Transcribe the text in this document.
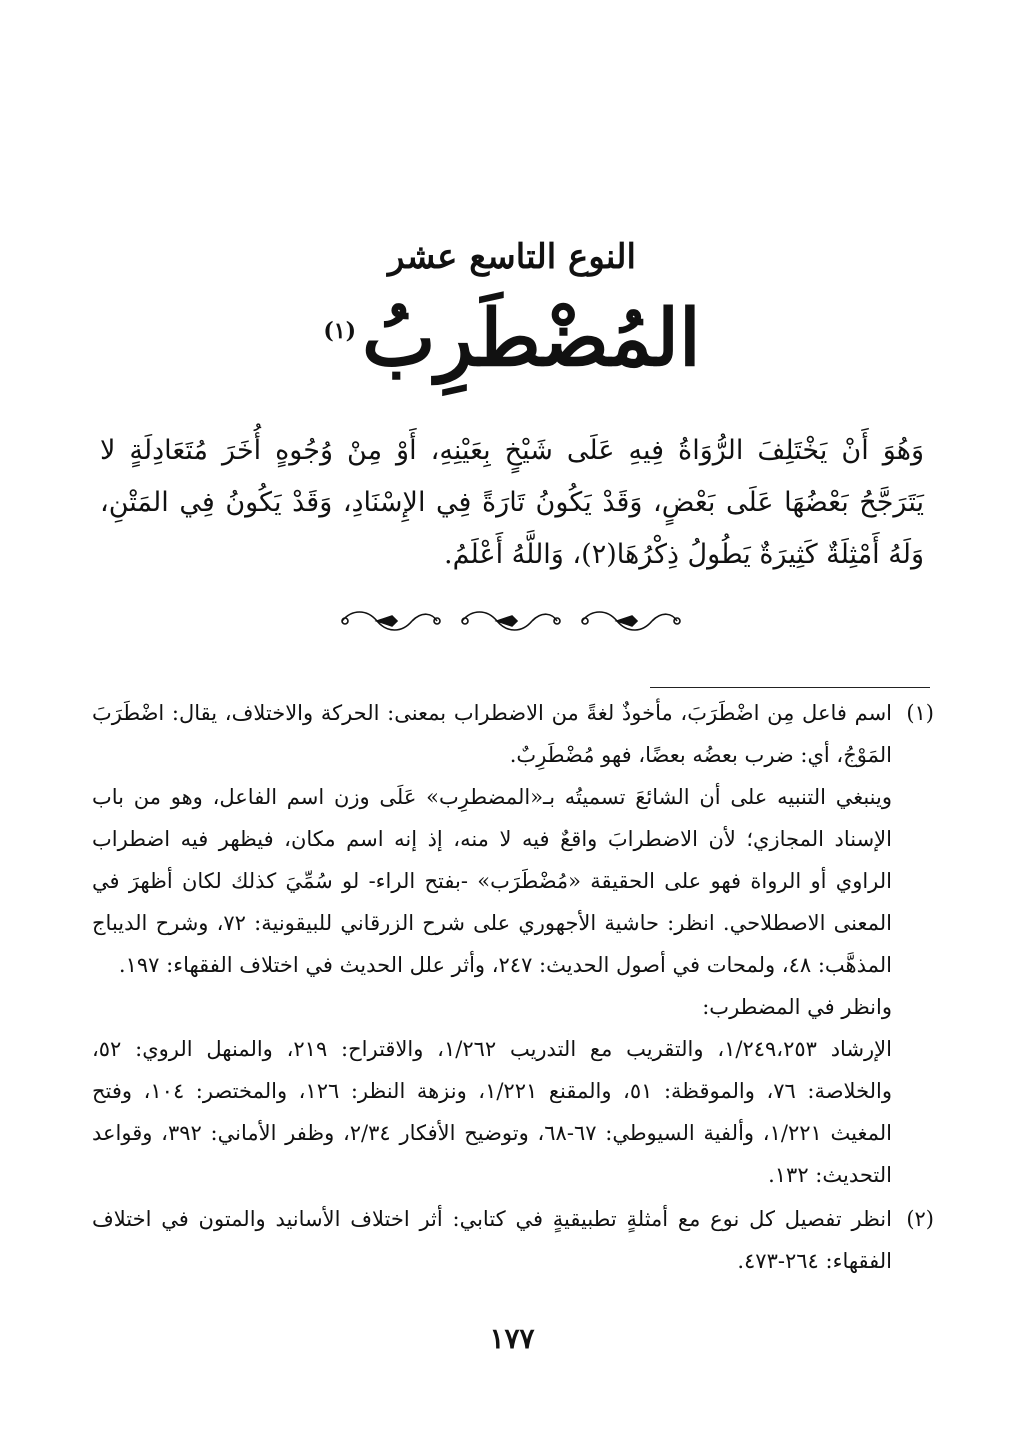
النوع التاسع عشر
المُضْطَرِبُ$^{(١)}$

وَهُوَ أَنْ يَخْتَلِفَ الرُّوَاةُ فِيهِ عَلَى شَيْخٍ بِعَيْنِهِ، أَوْ مِنْ وُجُوهٍ أُخَرَ مُتَعَادِلَةٍ لا يَتَرَجَّحُ بَعْضُهَا عَلَى بَعْضٍ، وَقَدْ يَكُونُ تَارَةً فِي الإِسْنَادِ، وَقَدْ يَكُونُ فِي المَتْنِ، وَلَهُ أَمْثِلَةٌ كَثِيرَةٌ يَطُولُ ذِكْرُهَا(٢)، وَاللَّهُ أَعْلَمُ.

(١)

اسم فاعل مِن اضْطَرَبَ، مأخوذٌ لغةً من الاضطراب بمعنى: الحركة والاختلاف، يقال: اضْطَرَبَ المَوْجُ، أي: ضرب بعضُه بعضًا، فهو مُضْطَرِبٌ.

وينبغي التنبيه على أن الشائعَ تسميتُه بـ«المضطرِب» عَلَى وزن اسم الفاعل، وهو من باب الإسناد المجازي؛ لأن الاضطرابَ واقعٌ فيه لا منه، إذ إنه اسم مكان، فيظهر فيه اضطراب الراوي أو الرواة فهو على الحقيقة «مُضْطَرَب» -بفتح الراء- لو سُمِّيَ كذلك لكان أظهرَ في المعنى الاصطلاحي. انظر: حاشية الأجهوري على شرح الزرقاني للبيقونية: ٧٢، وشرح الديباج المذهَّب: ٤٨، ولمحات في أصول الحديث: ٢٤٧، وأثر علل الحديث في اختلاف الفقهاء: ١٩٧.

وانظر في المضطرب:

الإرشاد ١/٢٤٩،٢٥٣، والتقريب مع التدريب ١/٢٦٢، والاقتراح: ٢١٩، والمنهل الروي: ٥٢، والخلاصة: ٧٦، والموقظة: ٥١، والمقنع ١/٢٢١، ونزهة النظر: ١٢٦، والمختصر: ١٠٤، وفتح المغيث ١/٢٢١، وألفية السيوطي: ٦٧-٦٨، وتوضيح الأفكار ٢/٣٤، وظفر الأماني: ٣٩٢، وقواعد التحديث: ١٣٢.

(٢)

انظر تفصيل كل نوع مع أمثلةٍ تطبيقيةٍ في كتابي: أثر اختلاف الأسانيد والمتون في اختلاف الفقهاء: ٢٦٤-٤٧٣.

١٧٧
